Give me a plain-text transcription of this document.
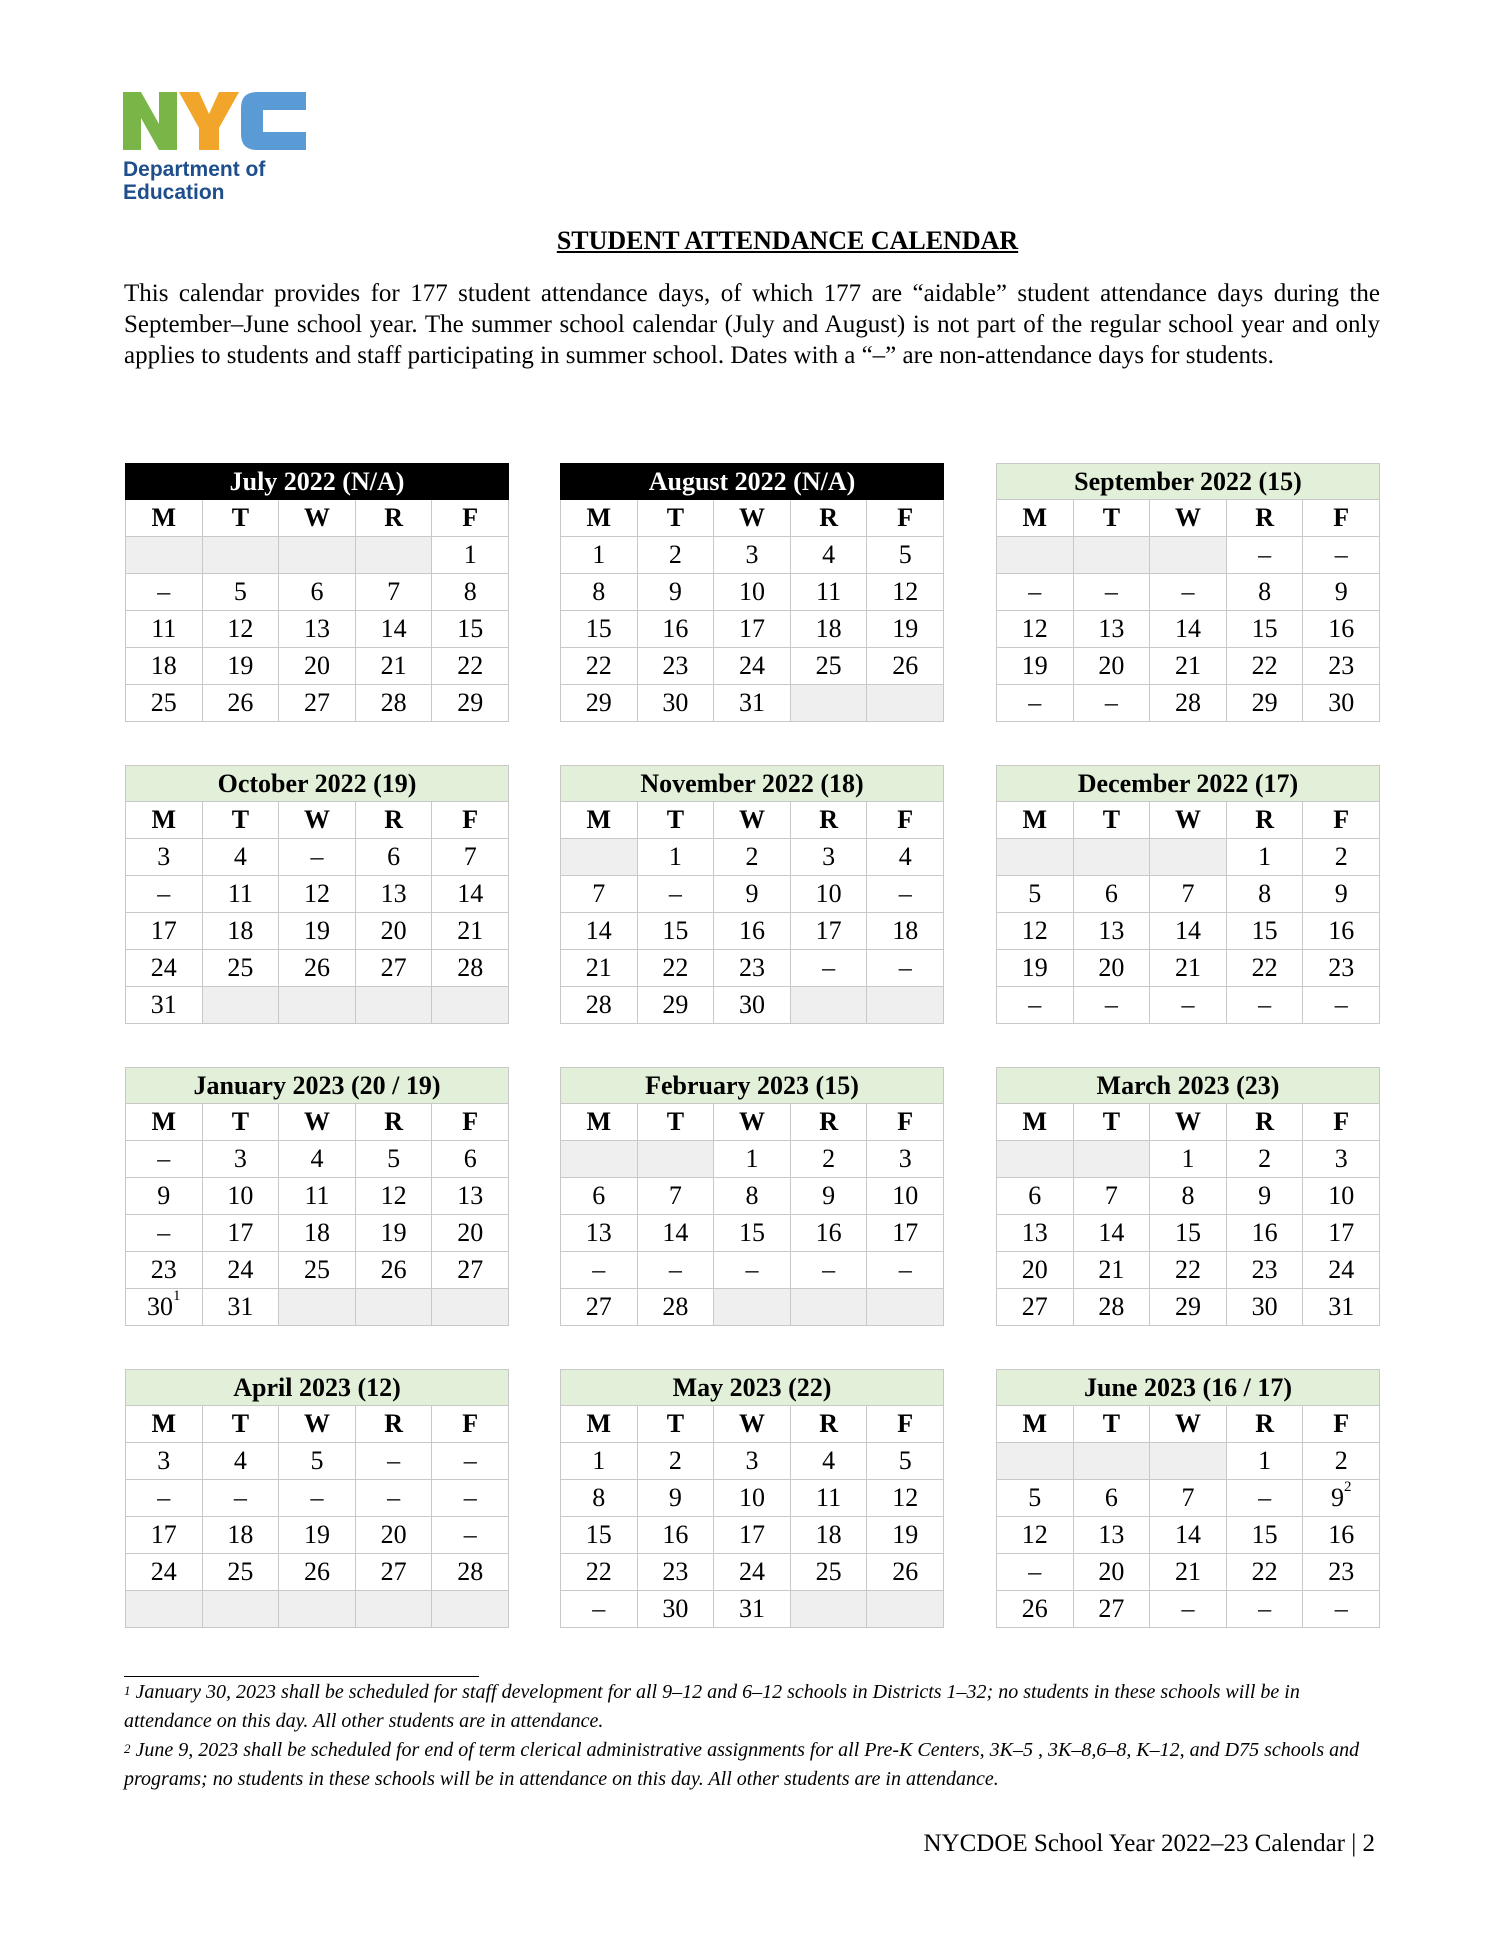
Department of
Education
STUDENT ATTENDANCE CALENDAR
This calendar provides for 177 student attendance days, of which 177 are “aidable” student attendance days during the September–June school year. The summer school calendar (July and August) is not part of the regular school year and only applies to students and staff participating in summer school. Dates with a “–” are non-attendance days for students.
July 2022 (N/A)				
M	T	W	R	F
				1
–	5	6	7	8
11	12	13	14	15
18	19	20	21	22
25	26	27	28	29
August 2022 (N/A)				
M	T	W	R	F
1	2	3	4	5
8	9	10	11	12
15	16	17	18	19
22	23	24	25	26
29	30	31		
September 2022 (15)				
M	T	W	R	F
			–	–
–	–	–	8	9
12	13	14	15	16
19	20	21	22	23
–	–	28	29	30
October 2022 (19)				
M	T	W	R	F
3	4	–	6	7
–	11	12	13	14
17	18	19	20	21
24	25	26	27	28
31				
November 2022 (18)				
M	T	W	R	F
	1	2	3	4
7	–	9	10	–
14	15	16	17	18
21	22	23	–	–
28	29	30		
December 2022 (17)				
M	T	W	R	F
			1	2
5	6	7	8	9
12	13	14	15	16
19	20	21	22	23
–	–	–	–	–
January 2023 (20 / 19)				
M	T	W	R	F
–	3	4	5	6
9	10	11	12	13
–	17	18	19	20
23	24	25	26	27
$30^1$	31			
February 2023 (15)				
M	T	W	R	F
		1	2	3
6	7	8	9	10
13	14	15	16	17
–	–	–	–	–
27	28			
March 2023 (23)				
M	T	W	R	F
		1	2	3
6	7	8	9	10
13	14	15	16	17
20	21	22	23	24
27	28	29	30	31
April 2023 (12)				
M	T	W	R	F
3	4	5	–	–
–	–	–	–	–
17	18	19	20	–
24	25	26	27	28

May 2023 (22)				
M	T	W	R	F
1	2	3	4	5
8	9	10	11	12
15	16	17	18	19
22	23	24	25	26
–	30	31		
June 2023 (16 / 17)				
M	T	W	R	F
			1	2
5	6	7	–	$9^2$
12	13	14	15	16
–	20	21	22	23
26	27	–	–	–
$^1$ January 30, 2023 shall be scheduled for staff development for all 9–12 and 6–12 schools in Districts 1–32; no students in these schools will be in attendance on this day. All other students are in attendance.
$^2$ June 9, 2023 shall be scheduled for end of term clerical administrative assignments for all Pre-K Centers, 3K–5 , 3K–8,6–8, K–12, and D75 schools and programs; no students in these schools will be in attendance on this day. All other students are in attendance.
NYCDOE School Year 2022–23 Calendar | 2
